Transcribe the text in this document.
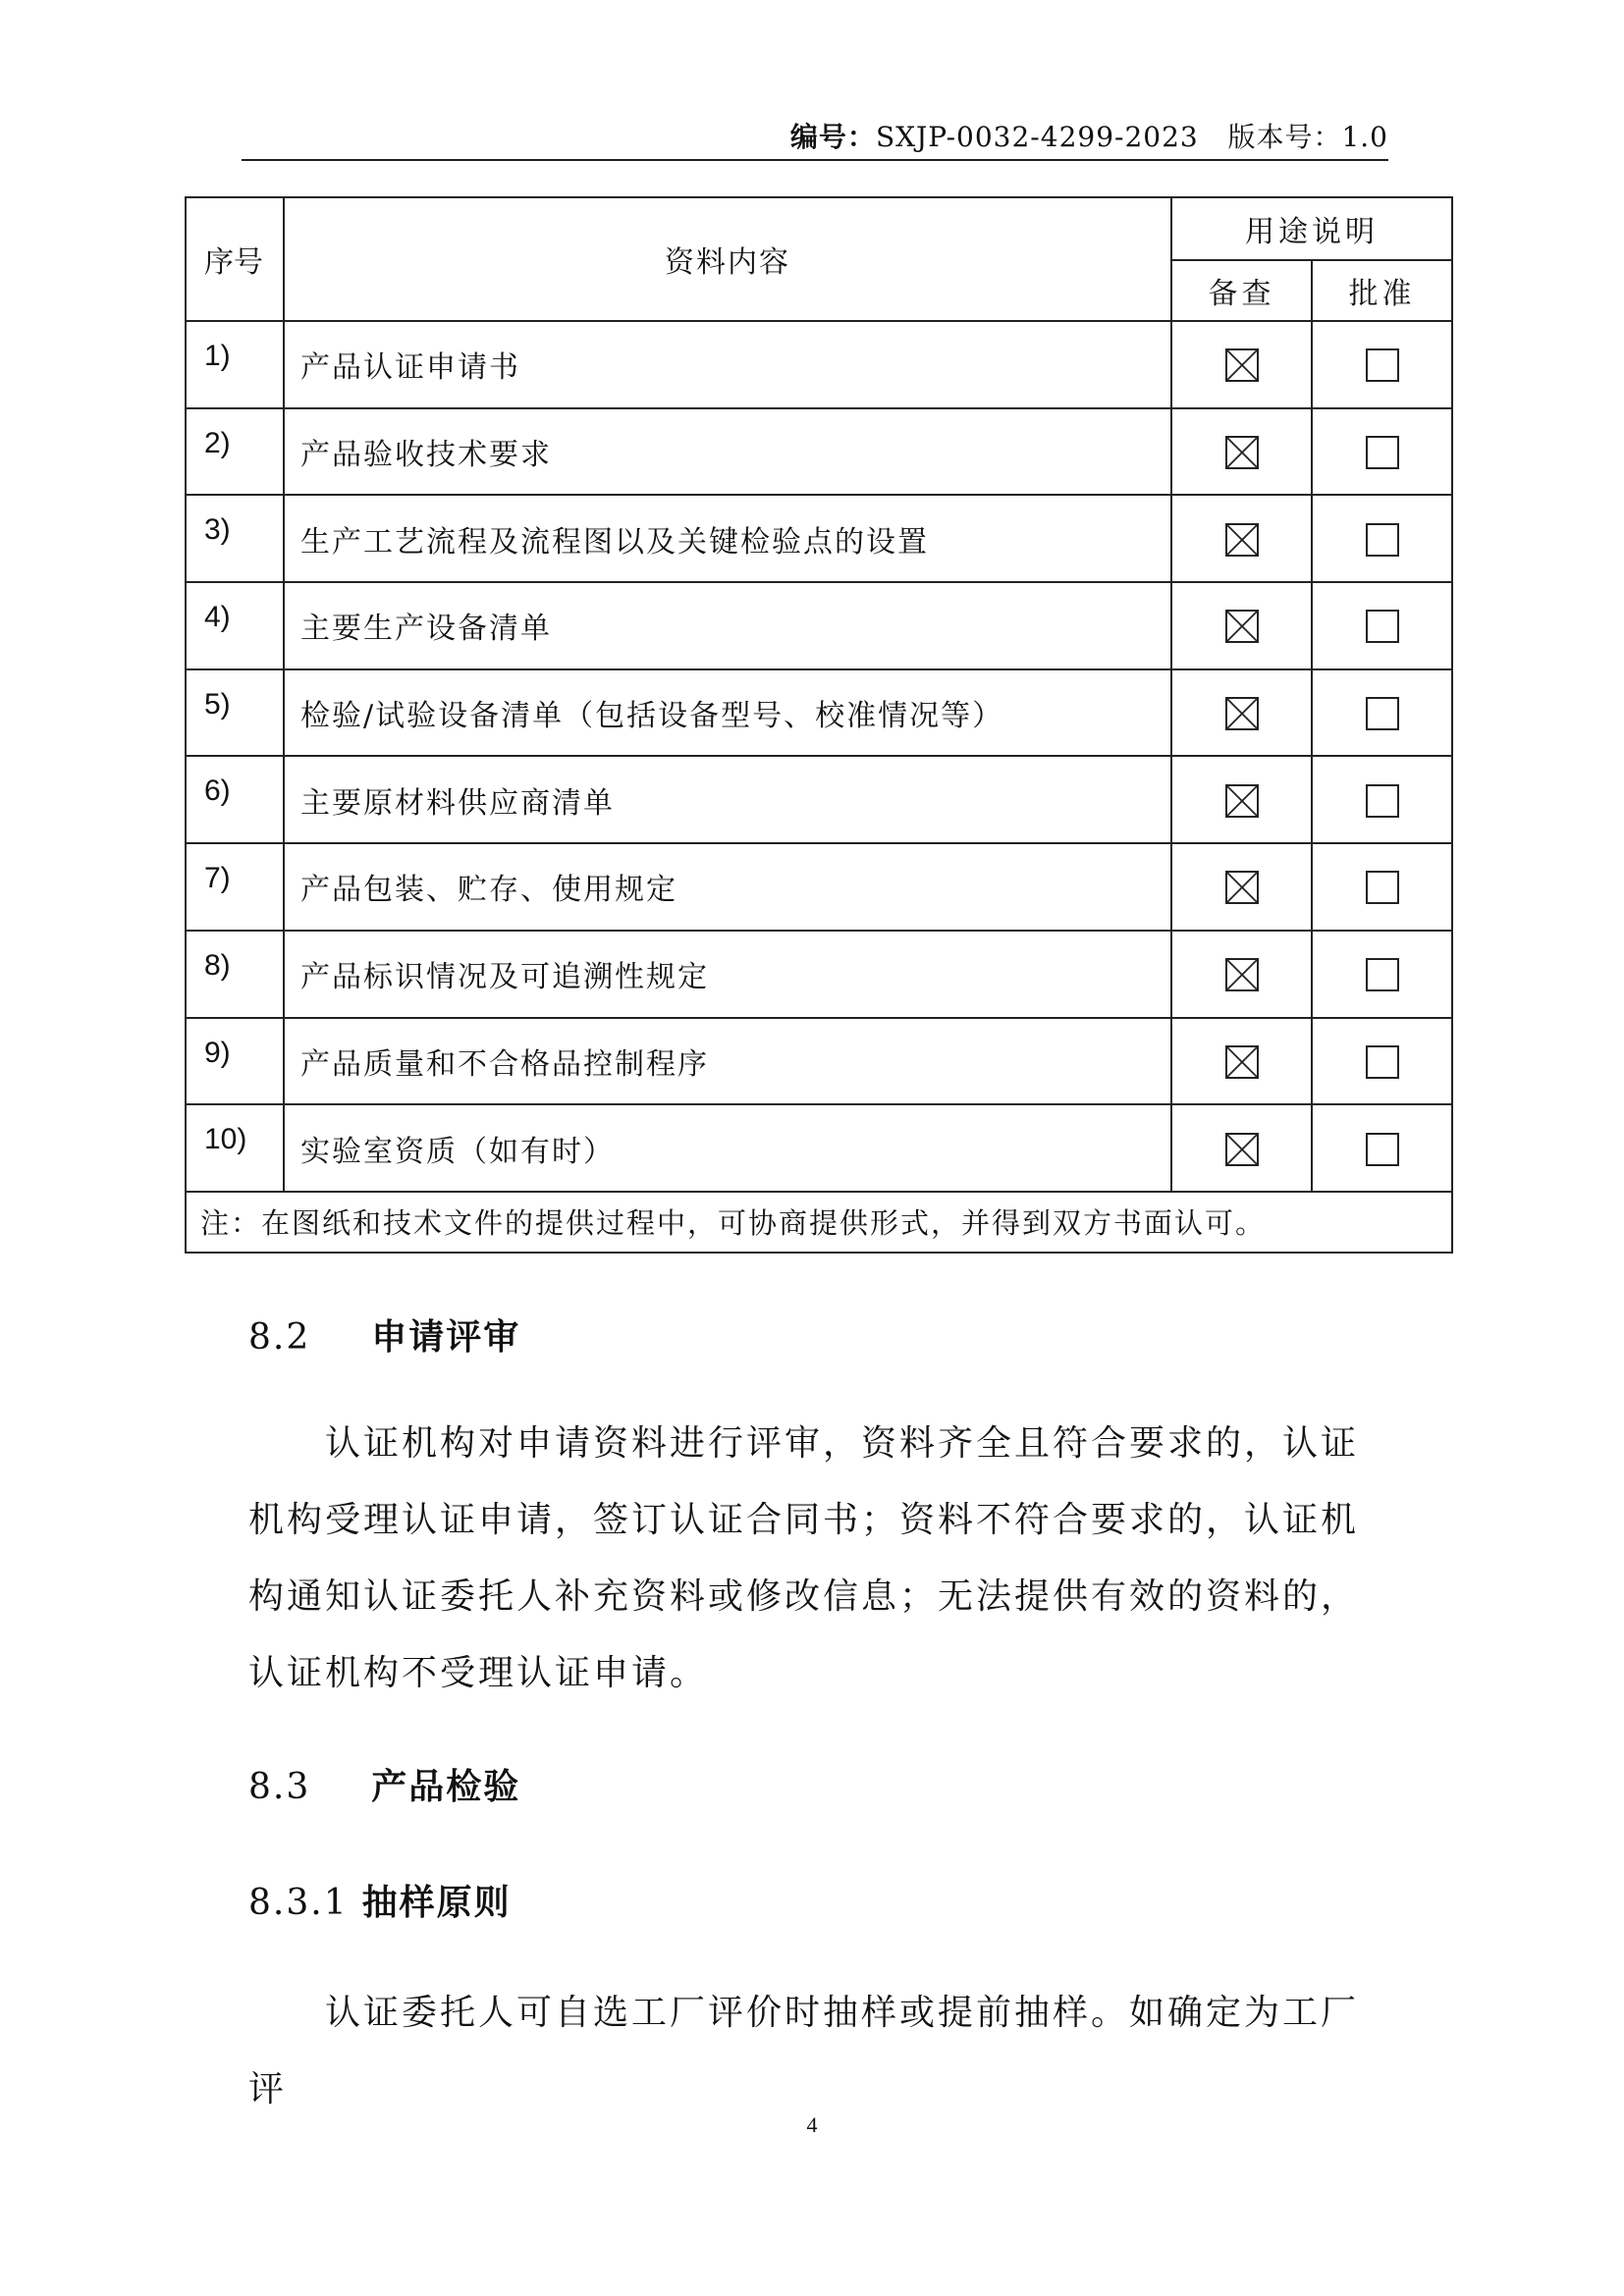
编号：SXJP-0032-4299-2023 版本号：1.0
序号	资料内容	用途说明	
		备查	批准
1)	产品认证申请书	

2)	产品验收技术要求	

3)	生产工艺流程及流程图以及关键检验点的设置	

4)	主要生产设备清单	

5)	检验/试验设备清单（包括设备型号、校准情况等）	

6)	主要原材料供应商清单	

7)	产品包装、贮存、使用规定	

8)	产品标识情况及可追溯性规定	

9)	产品质量和不合格品控制程序	

10)	实验室资质（如有时）	

注：在图纸和技术文件的提供过程中，可协商提供形式，并得到双方书面认可。			
8.2 申请评审

认证机构对申请资料进行评审，资料齐全且符合要求的，认证机构受理认证申请，签订认证合同书；资料不符合要求的，认证机构通知认证委托人补充资料或修改信息；无法提供有效的资料的，认证机构不受理认证申请。

8.3 产品检验
8.3.1 抽样原则

认证委托人可自选工厂评价时抽样或提前抽样。如确定为工厂评

4
